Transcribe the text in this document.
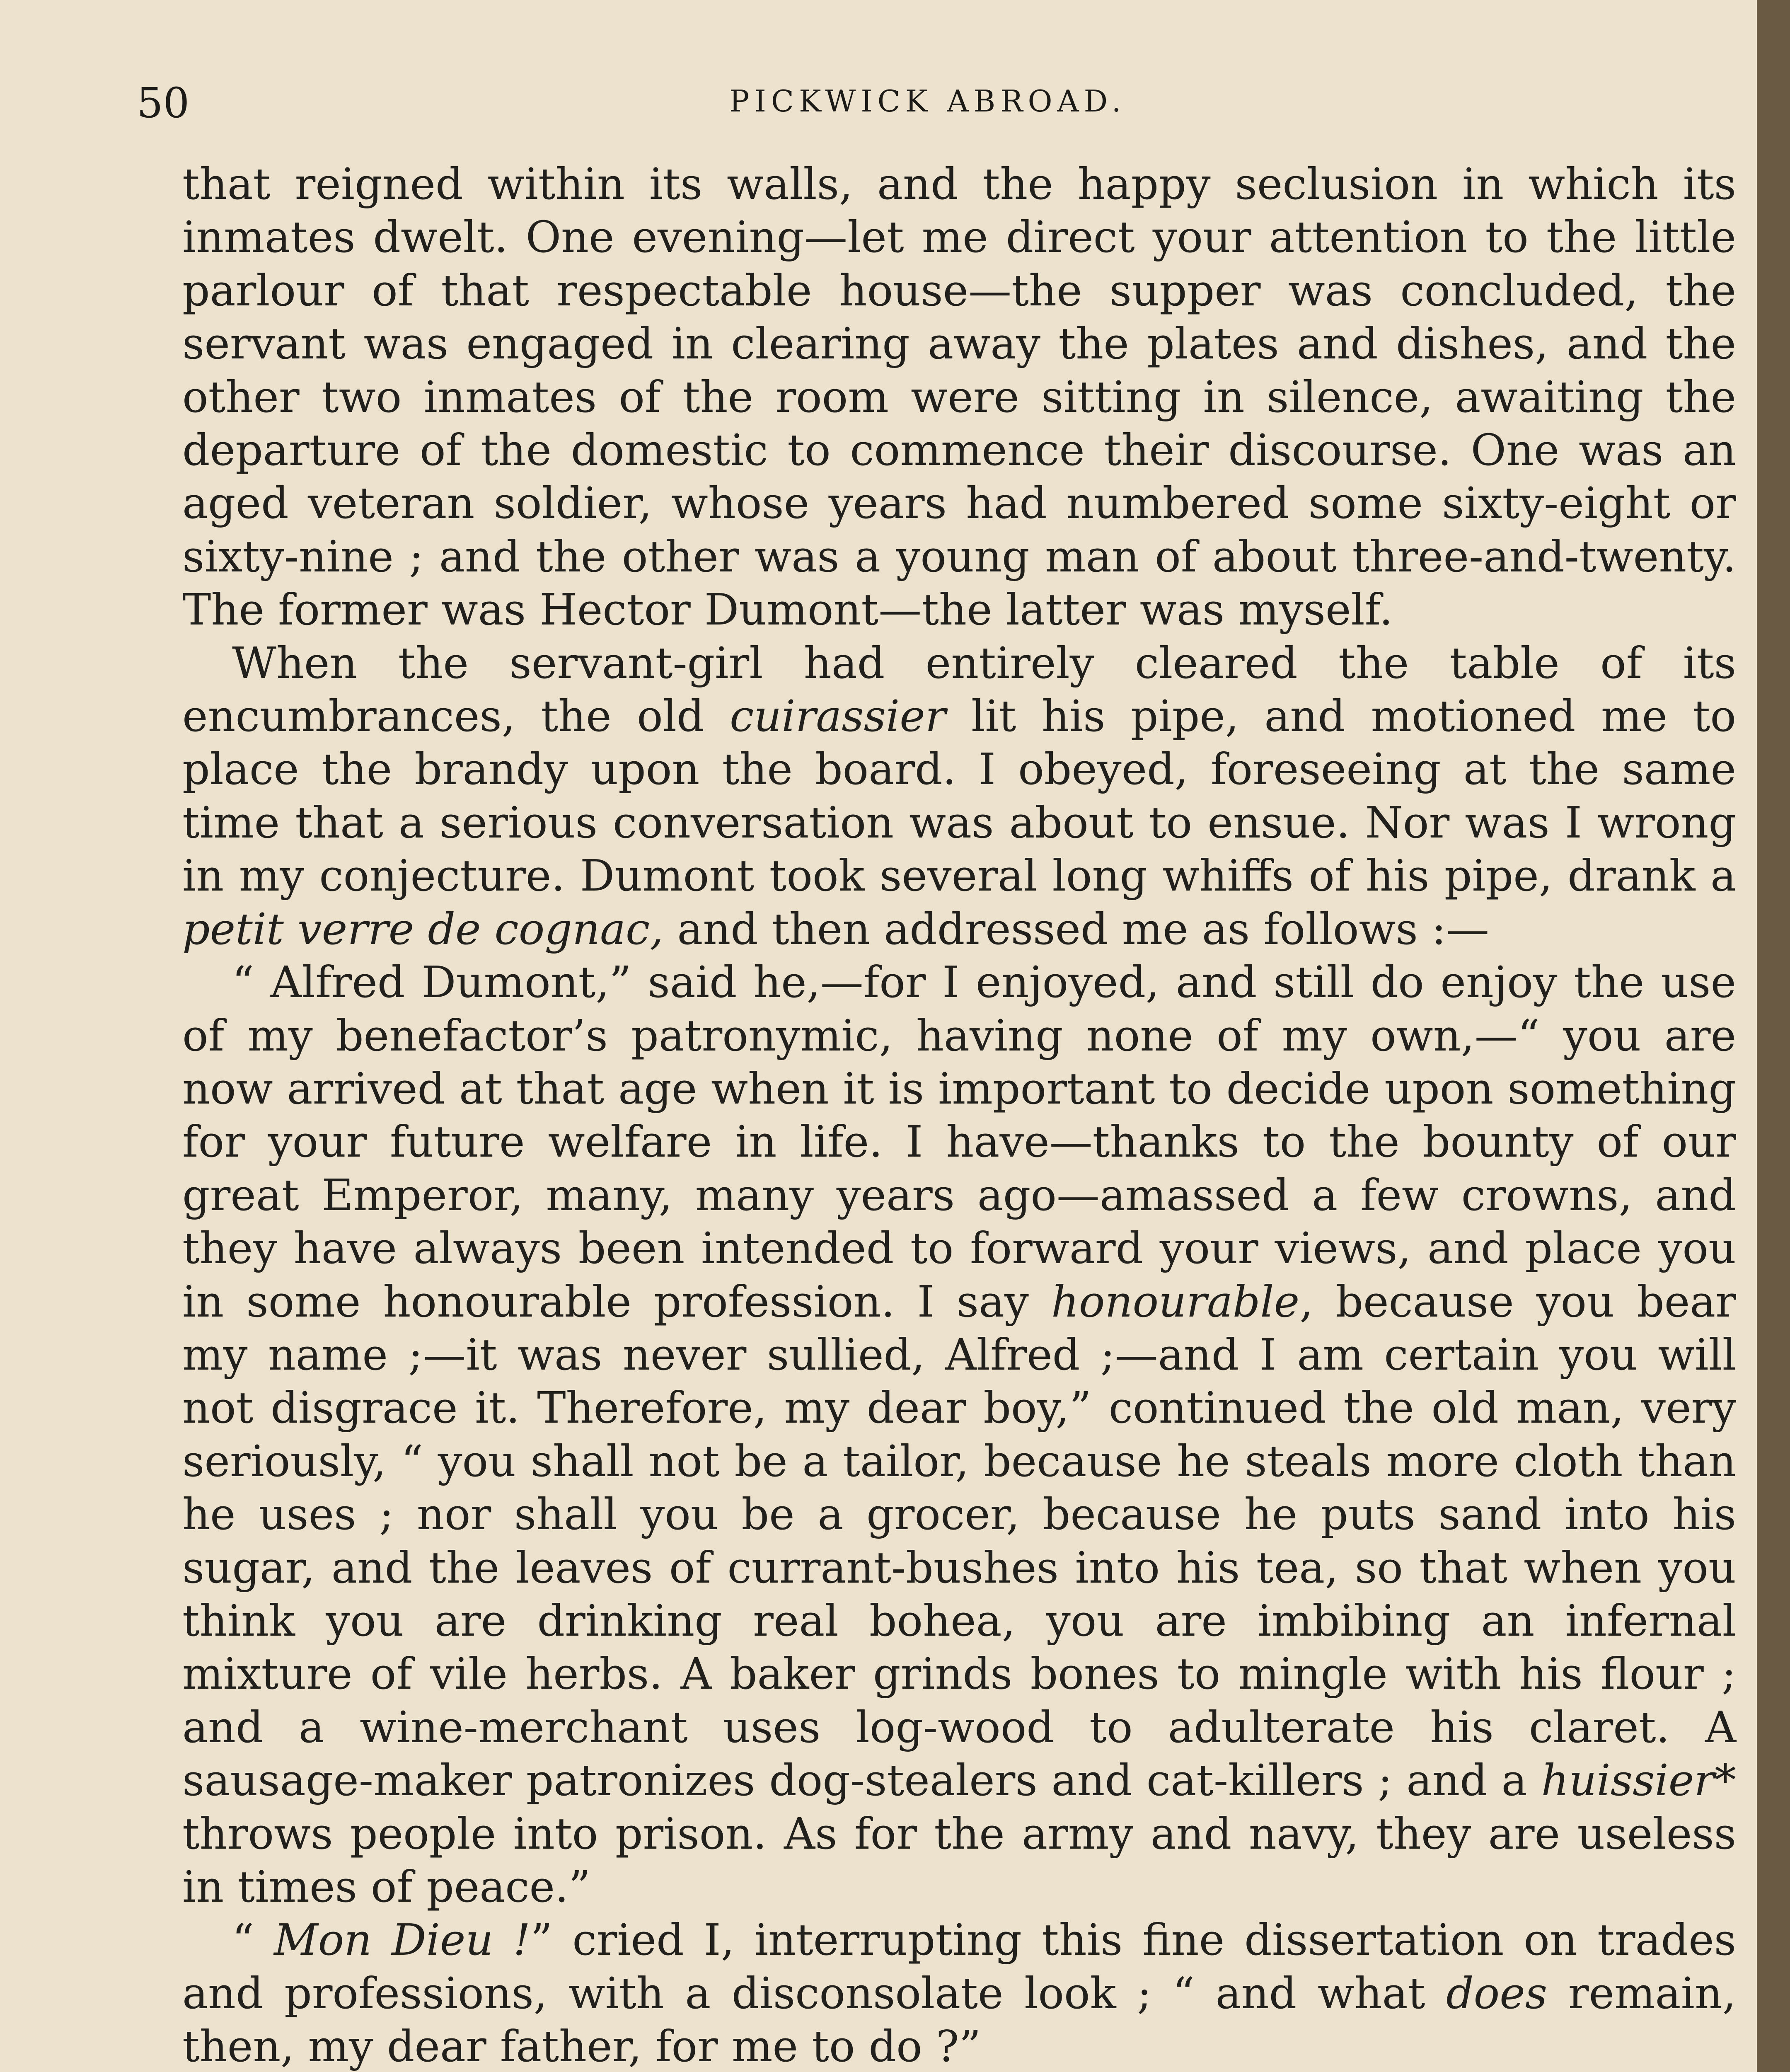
50	PICKWICK ABROAD.

that reigned within its walls, and the happy seclusion in which its inmates dwelt. One evening—let me direct your attention to the little parlour of that respectable house—the supper was concluded, the servant was engaged in clearing away the plates and dishes, and the other two inmates of the room were sitting in silence, awaiting the departure of the domestic to commence their discourse. One was an aged veteran soldier, whose years had numbered some sixty-eight or sixty-nine ; and the other was a young man of about three-and-twenty. The former was Hector Dumont—the latter was myself.

When the servant-girl had entirely cleared the table of its encumbrances, the old cuirassier lit his pipe, and motioned me to place the brandy upon the board. I obeyed, foreseeing at the same time that a serious conversation was about to ensue. Nor was I wrong in my conjecture. Dumont took several long whiffs of his pipe, drank a petit verre de cognac, and then addressed me as follows :—

“ Alfred Dumont,” said he,—for I enjoyed, and still do enjoy the use of my benefactor’s patronymic, having none of my own,—“ you are now arrived at that age when it is important to decide upon something for your future welfare in life. I have—thanks to the bounty of our great Emperor, many, many years ago—amassed a few crowns, and they have always been intended to forward your views, and place you in some honourable profession. I say honourable, because you bear my name ;—it was never sullied, Alfred ;—and I am certain you will not disgrace it. Therefore, my dear boy,” continued the old man, very seriously, “ you shall not be a tailor, because he steals more cloth than he uses ; nor shall you be a grocer, because he puts sand into his sugar, and the leaves of currant-bushes into his tea, so that when you think you are drinking real bohea, you are imbibing an infernal mixture of vile herbs. A baker grinds bones to mingle with his flour ; and a wine-merchant uses log-wood to adulterate his claret. A sausage-maker patronizes dog-stealers and cat-killers ; and a huissier* throws people into prison. As for the army and navy, they are useless in times of peace.”

“ Mon Dieu !” cried I, interrupting this fine dissertation on trades and professions, with a disconsolate look ; “ and what does remain, then, my dear father, for me to do ?”
